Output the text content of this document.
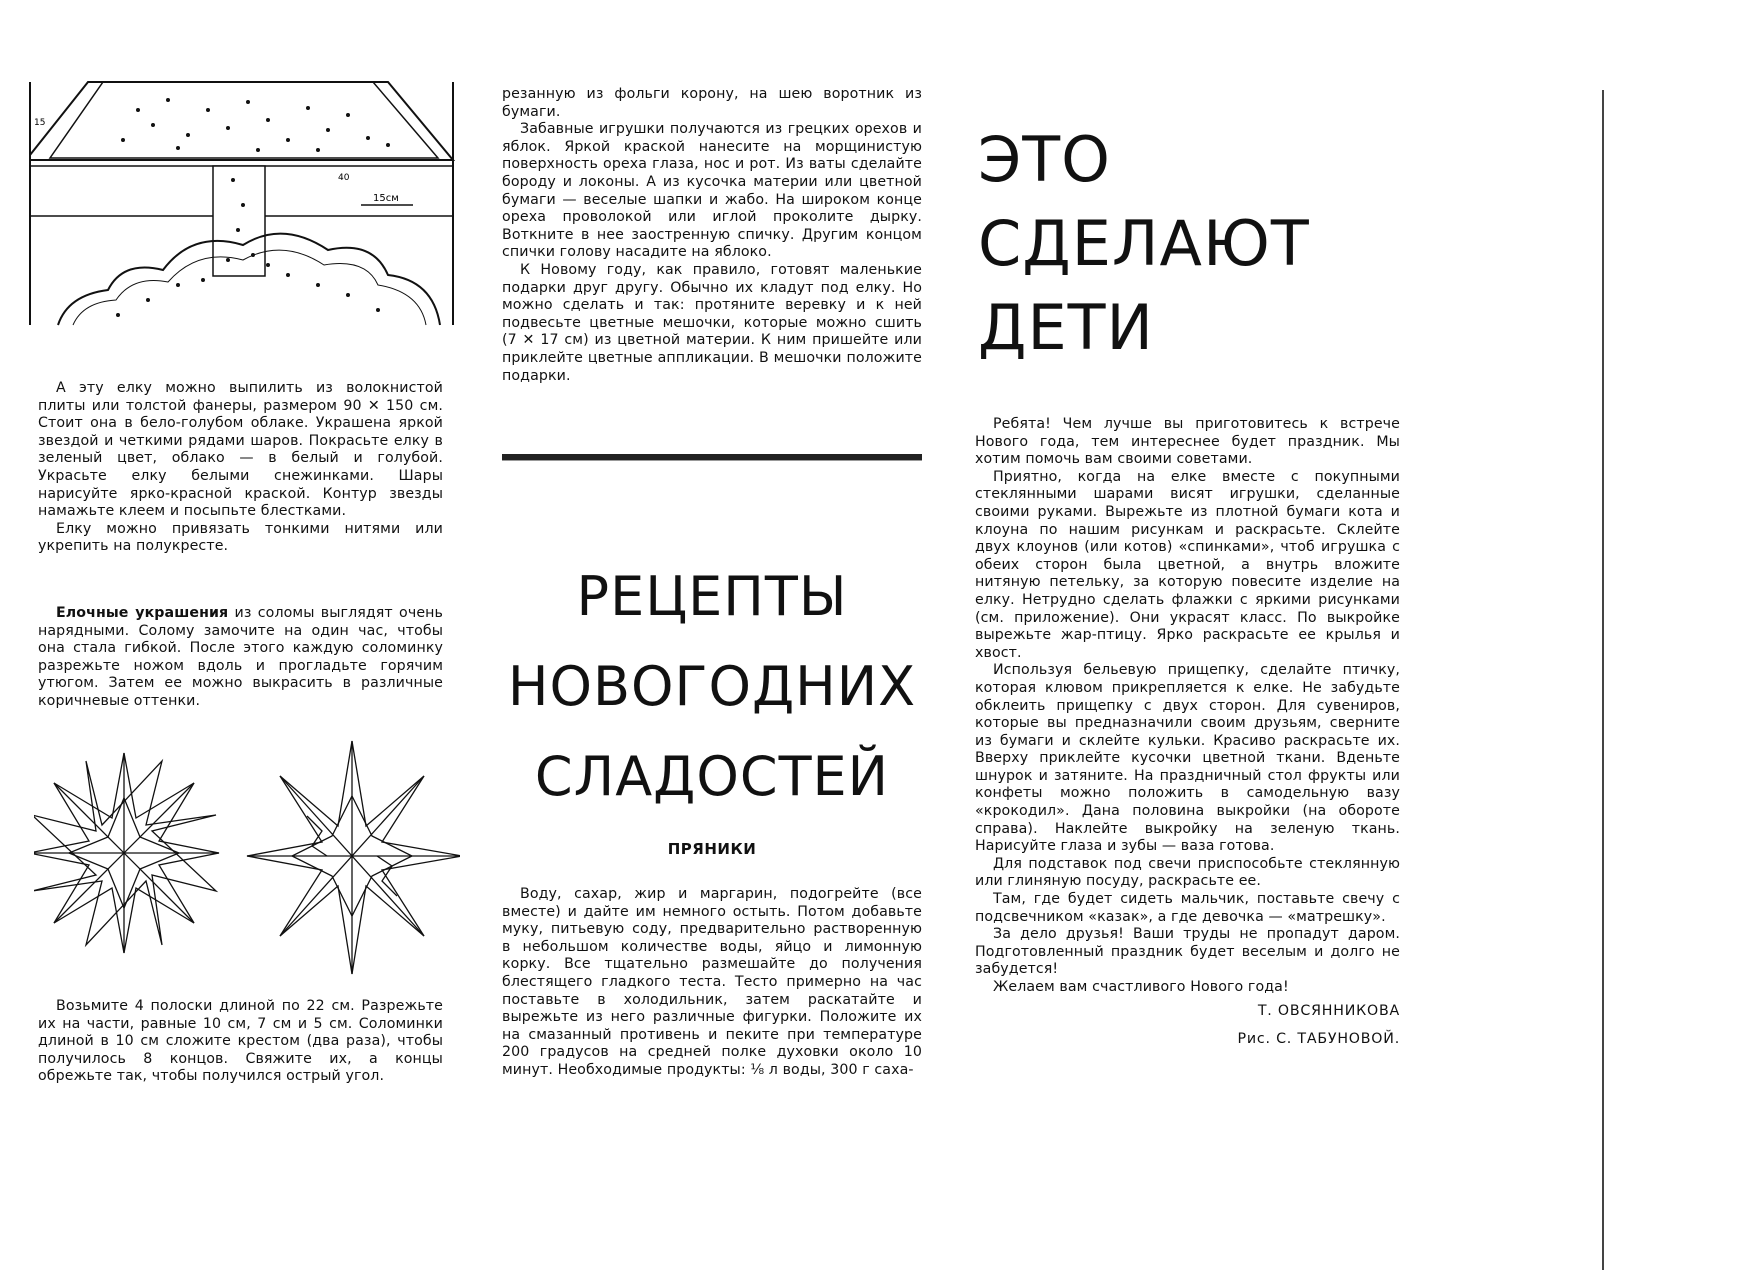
15см
15
40

А эту елку можно выпилить из волокнистой плиты или толстой фанеры, размером 90 ✕ 150 см. Стоит она в бело-голубом облаке. Украшена яркой звездой и четкими рядами шаров. Покрасьте елку в зеленый цвет, облако — в белый и голубой. Украсьте елку белыми снежинками. Шары нарисуйте ярко-красной краской. Контур звезды намажьте клеем и посыпьте блестками.

Елку можно привязать тонкими нитями или укрепить на полукресте.

Елочные украшения из соломы выглядят очень нарядными. Солому замочите на один час, чтобы она стала гибкой. После этого каждую соломинку разрежьте ножом вдоль и прогладьте горячим утюгом. Затем ее можно выкрасить в различные коричневые оттенки.

Возьмите 4 полоски длиной по 22 см. Разрежьте их на части, равные 10 см, 7 см и 5 см. Соломинки длиной в 10 см сложите крестом (два раза), чтобы получилось 8 концов. Свяжите их, а концы обрежьте так, чтобы получился острый угол.

резанную из фольги корону, на шею воротник из бумаги.

Забавные игрушки получаются из грецких орехов и яблок. Яркой краской нанесите на морщинистую поверхность ореха глаза, нос и рот. Из ваты сделайте бороду и локоны. А из кусочка материи или цветной бумаги — веселые шапки и жабо. На широком конце ореха проволокой или иглой проколите дырку. Воткните в нее заостренную спичку. Другим концом спички голову насадите на яблоко.

К Новому году, как правило, готовят маленькие подарки друг другу. Обычно их кладут под елку. Но можно сделать и так: протяните веревку и к ней подвесьте цветные мешочки, которые можно сшить (7 ✕ 17 см) из цветной материи. К ним пришейте или приклейте цветные аппликации. В мешочки положите подарки.

РЕЦЕПТЫ
НОВОГОДНИХ
СЛАДОСТЕЙ
ПРЯНИКИ

Воду, сахар, жир и маргарин, подогрейте (все вместе) и дайте им немного остыть. Потом добавьте муку, питьевую соду, предварительно растворенную в небольшом количестве воды, яйцо и лимонную корку. Все тщательно размешайте до получения блестящего гладкого теста. Тесто примерно на час поставьте в холодильник, затем раскатайте и вырежьте из него различные фигурки. Положите их на смазанный противень и пеките при температуре 200 градусов на средней полке духовки около 10 минут. Необходимые продукты: ⅛ л воды, 300 г саха-

ЭТО
СДЕЛАЮТ
ДЕТИ

Ребята! Чем лучше вы приготовитесь к встрече Нового года, тем интереснее будет праздник. Мы хотим помочь вам своими советами.

Приятно, когда на елке вместе с покупными стеклянными шарами висят игрушки, сделанные своими руками. Вырежьте из плотной бумаги кота и клоуна по нашим рисункам и раскрасьте. Склейте двух клоунов (или котов) «спинками», чтоб игрушка с обеих сторон была цветной, а внутрь вложите нитяную петельку, за которую повесите изделие на елку. Нетрудно сделать флажки с яркими рисунками (см. приложение). Они украсят класс. По выкройке вырежьте жар-птицу. Ярко раскрасьте ее крылья и хвост.

Используя бельевую прищепку, сделайте птичку, которая клювом прикрепляется к елке. Не забудьте обклеить прищепку с двух сторон. Для сувениров, которые вы предназначили своим друзьям, сверните из бумаги и склейте кульки. Красиво раскрасьте их. Вверху приклейте кусочки цветной ткани. Вденьте шнурок и затяните. На праздничный стол фрукты или конфеты можно положить в самодельную вазу «крокодил». Дана половина выкройки (на обороте справа). Наклейте выкройку на зеленую ткань. Нарисуйте глаза и зубы — ваза готова.

Для подставок под свечи приспособьте стеклянную или глиняную посуду, раскрасьте ее.

Там, где будет сидеть мальчик, поставьте свечу с подсвечником «казак», а где девочка — «матрешку».

За дело друзья! Ваши труды не пропадут даром. Подготовленный праздник будет веселым и долго не забудется!

Желаем вам счастливого Нового года!

Т. ОВСЯННИКОВА

Рис. С. ТАБУНОВОЙ.
